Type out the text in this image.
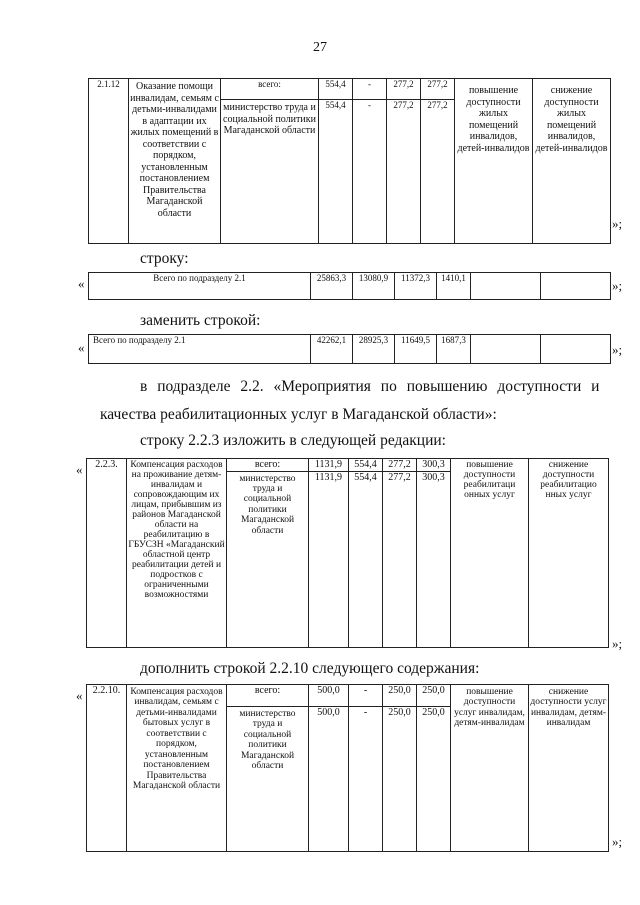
27
2.1.12	Оказание помощи инвалидам, семьям с детьми-инвалидами в адаптации их жилых помещений в соответствии с порядком, установленным постановлением Правительства Магаданской области	всего:	554,4	-	277,2	277,2	повышение доступности жилых помещений инвалидов, детей-инвалидов	снижение доступности жилых помещений инвалидов, детей-инвалидов
		министерство труда и социальной политики Магаданской области	554,4	-	277,2	277,2		
»;
строку:
«	Всего по подразделу 2.1	25863,3	13080,9	11372,3	1410,1			»;
заменить строкой:
« Всего по подразделу 2.1	42262,1	28925,3	11649,5	1687,3		
»;
в подразделе 2.2. «Мероприятия по повышению доступности и
качества реабилитационных услуг в Магаданской области»:
строку 2.2.3 изложить в следующей редакции:
« 2.2.3.	Компенсация расходов на проживание детям-инвалидам и сопровождающим их лицам, прибывшим из районов Магаданской области на реабилитацию в ГБУСЗН «Магаданский областной центр реабилитации детей и подростков с ограниченными возможностями	всего:	1131,9	554,4	277,2	300,3	повышение доступности реабилитаци онных услуг	снижение доступности реабилитацио нных услуг
		министерство труда и социальной политики Магаданской области	1131,9	554,4	277,2	300,3		
»;
дополнить строкой 2.2.10 следующего содержания:
« 2.2.10.	Компенсация расходов инвалидам, семьям с детьми-инвалидами бытовых услуг в соответствии с порядком, установленным постановлением Правительства Магаданской области	всего:	500,0	-	250,0	250,0	повышение доступности услуг инвалидам, детям-инвалидам	снижение доступности услуг инвалидам, детям-инвалидам
		министерство труда и социальной политики Магаданской области	500,0	-	250,0	250,0		
»;
